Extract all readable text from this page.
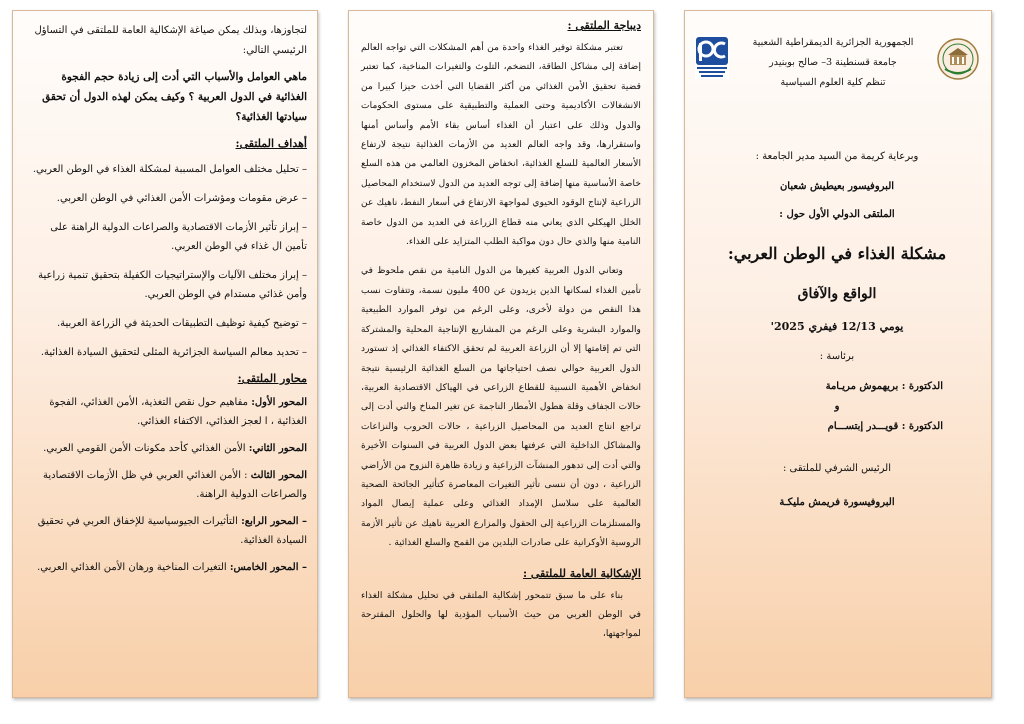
لتجاوزها، وبذلك يمكن صياغة الإشكالية العامة للملتقى في التساؤل الرئيسي التالي:
ماهي العوامل والأسباب التي أدت إلى زيادة حجم الفجوة الغذائية في الدول العربية ؟ وكيف يمكن لهذه الدول أن تحقق سيادتها الغذائية؟
أهداف الملتقى:
– تحليل مختلف العوامل المسببة لمشكلة الغذاء في الوطن العربي.
– عرض مقومات ومؤشرات الأمن الغذائي في الوطن العربي.
– إبراز تأثير الأزمات الاقتصادية والصراعات الدولية الراهنة على تأمين ال غذاء في الوطن العربي.
– إبراز مختلف الآليات والإستراتيجيات الكفيلة بتحقيق تنمية زراعية وأمن غذائي مستدام في الوطن العربي.
– توضيح كيفية توظيف التطبيقات الحديثة في الزراعة العربية.
– تحديد معالم السياسة الجزائرية المثلى لتحقيق السيادة الغذائية.
محاور الملتقى:
المحور الأول: مفاهيم حول نقص التغذية، الأمن الغذائي، الفجوة الغذائية ، ا لعجز الغذائي، الاكتفاء الغذائي.
المحور الثاني: الأمن الغذائي كأحد مكونات الأمن القومي العربي.
المحور الثالث : الأمن الغذائي العربي في ظل الأزمات الاقتصادية والصراعات الدولية الراهنة.
– المحور الرابع: التأثيرات الجيوسياسية للإخفاق العربي في تحقيق السيادة الغذائية.
– المحور الخامس: التغيرات المناخية ورهان الأمن الغذائي العربي.
ديباجة الملتقى :

تعتبر مشكلة توفير الغذاء واحدة من أهم المشكلات التي تواجه العالم إضافة إلى مشاكل الطاقة، التضخم، التلوث والتغيرات المناخية، كما تعتبر قضية تحقيق الأمن الغذائي من أكثر القضايا التي أخذت حيزا كبيرا من الانشغالات الأكاديمية وحتى العملية والتطبيقية على مستوى الحكومات والدول وذلك على اعتبار أن الغذاء أساس بقاء الأمم وأساس أمنها واستقرارها، وقد واجه العالم العديد من الأزمات الغذائية نتيجة لارتفاع الأسعار العالمية للسلع الغذائية، انخفاض المخزون العالمي من هذه السلع خاصة الأساسية منها إضافة إلى توجه العديد من الدول لاستخدام المحاصيل الزراعية لإنتاج الوقود الحيوي لمواجهة الارتفاع في أسعار النفط، ناهيك عن الخلل الهيكلي الذي يعاني منه قطاع الزراعة في العديد من الدول خاصة النامية منها والذي حال دون مواكبة الطلب المتزايد على الغذاء.

وتعاني الدول العربية كغيرها من الدول النامية من نقص ملحوظ في تأمين الغذاء لسكانها الذين يزيدون عن 400 مليون نسمة، وتتفاوت نسب هذا النقص من دولة لأخرى، وعلى الرغم من توفر الموارد الطبيعية والموارد البشرية وعلى الرغم من المشاريع الإنتاجية المحلية والمشتركة التي تم إقامتها إلا أن الزراعة العربية لم تحقق الاكتفاء الغذائي إذ تستورد الدول العربية حوالي نصف احتياجاتها من السلع الغذائية الرئيسية نتيجة انخفاض الأهمية النسبية للقطاع الزراعي في الهياكل الاقتصادية العربية، حالات الجفاف وقلة هطول الأمطار الناجمة عن تغير المناخ والتي أدت إلى تراجع انتاج العديد من المحاصيل الزراعية ، حالات الحروب والنزاعات والمشاكل الداخلية التي عرفتها بعض الدول العربية في السنوات الأخيرة والتي أدت إلى تدهور المنشآت الزراعية و زيادة ظاهرة النزوح من الأراضي الزراعية ، دون أن ننسى تأثير التغيرات المعاصرة كتأثير الجائحة الصحية العالمية على سلاسل الإمداد الغذائي وعلى عملية إيصال المواد والمستلزمات الزراعية إلى الحقول والمزارع العربية ناهيك عن تأثير الأزمة الروسية الأوكرانية على صادرات البلدين من القمح والسلع الغذائية .

الإشكالية العامة للملتقى :

بناء على ما سبق تتمحور إشكالية الملتقى في تحليل مشكلة الغذاء في الوطن العربي من حيث الأسباب المؤدية لها والحلول المقترحة لمواجهتها،

الجمهورية الجزائرية الديمقراطية الشعبية
جامعة قسنطينة 3– صالح بوبنيدر
تنظم كلية العلوم السياسية
وبرعاية كريمة من السيد مدير الجامعة :
البروفيسور بعيطيش شعبان
الملتقى الدولي الأول حول :
مشكلة الغذاء في الوطن العربي:
الواقع والآفاق
يومي 12/13 فيفري 2025'
برئاسة :
الدكتورة : بريهموش مريـامة
و
الدكتورة : قويـــدر إبتســـام
الرئيس الشرفي للملتقى :
البروفيسورة فريمش مليكـة
